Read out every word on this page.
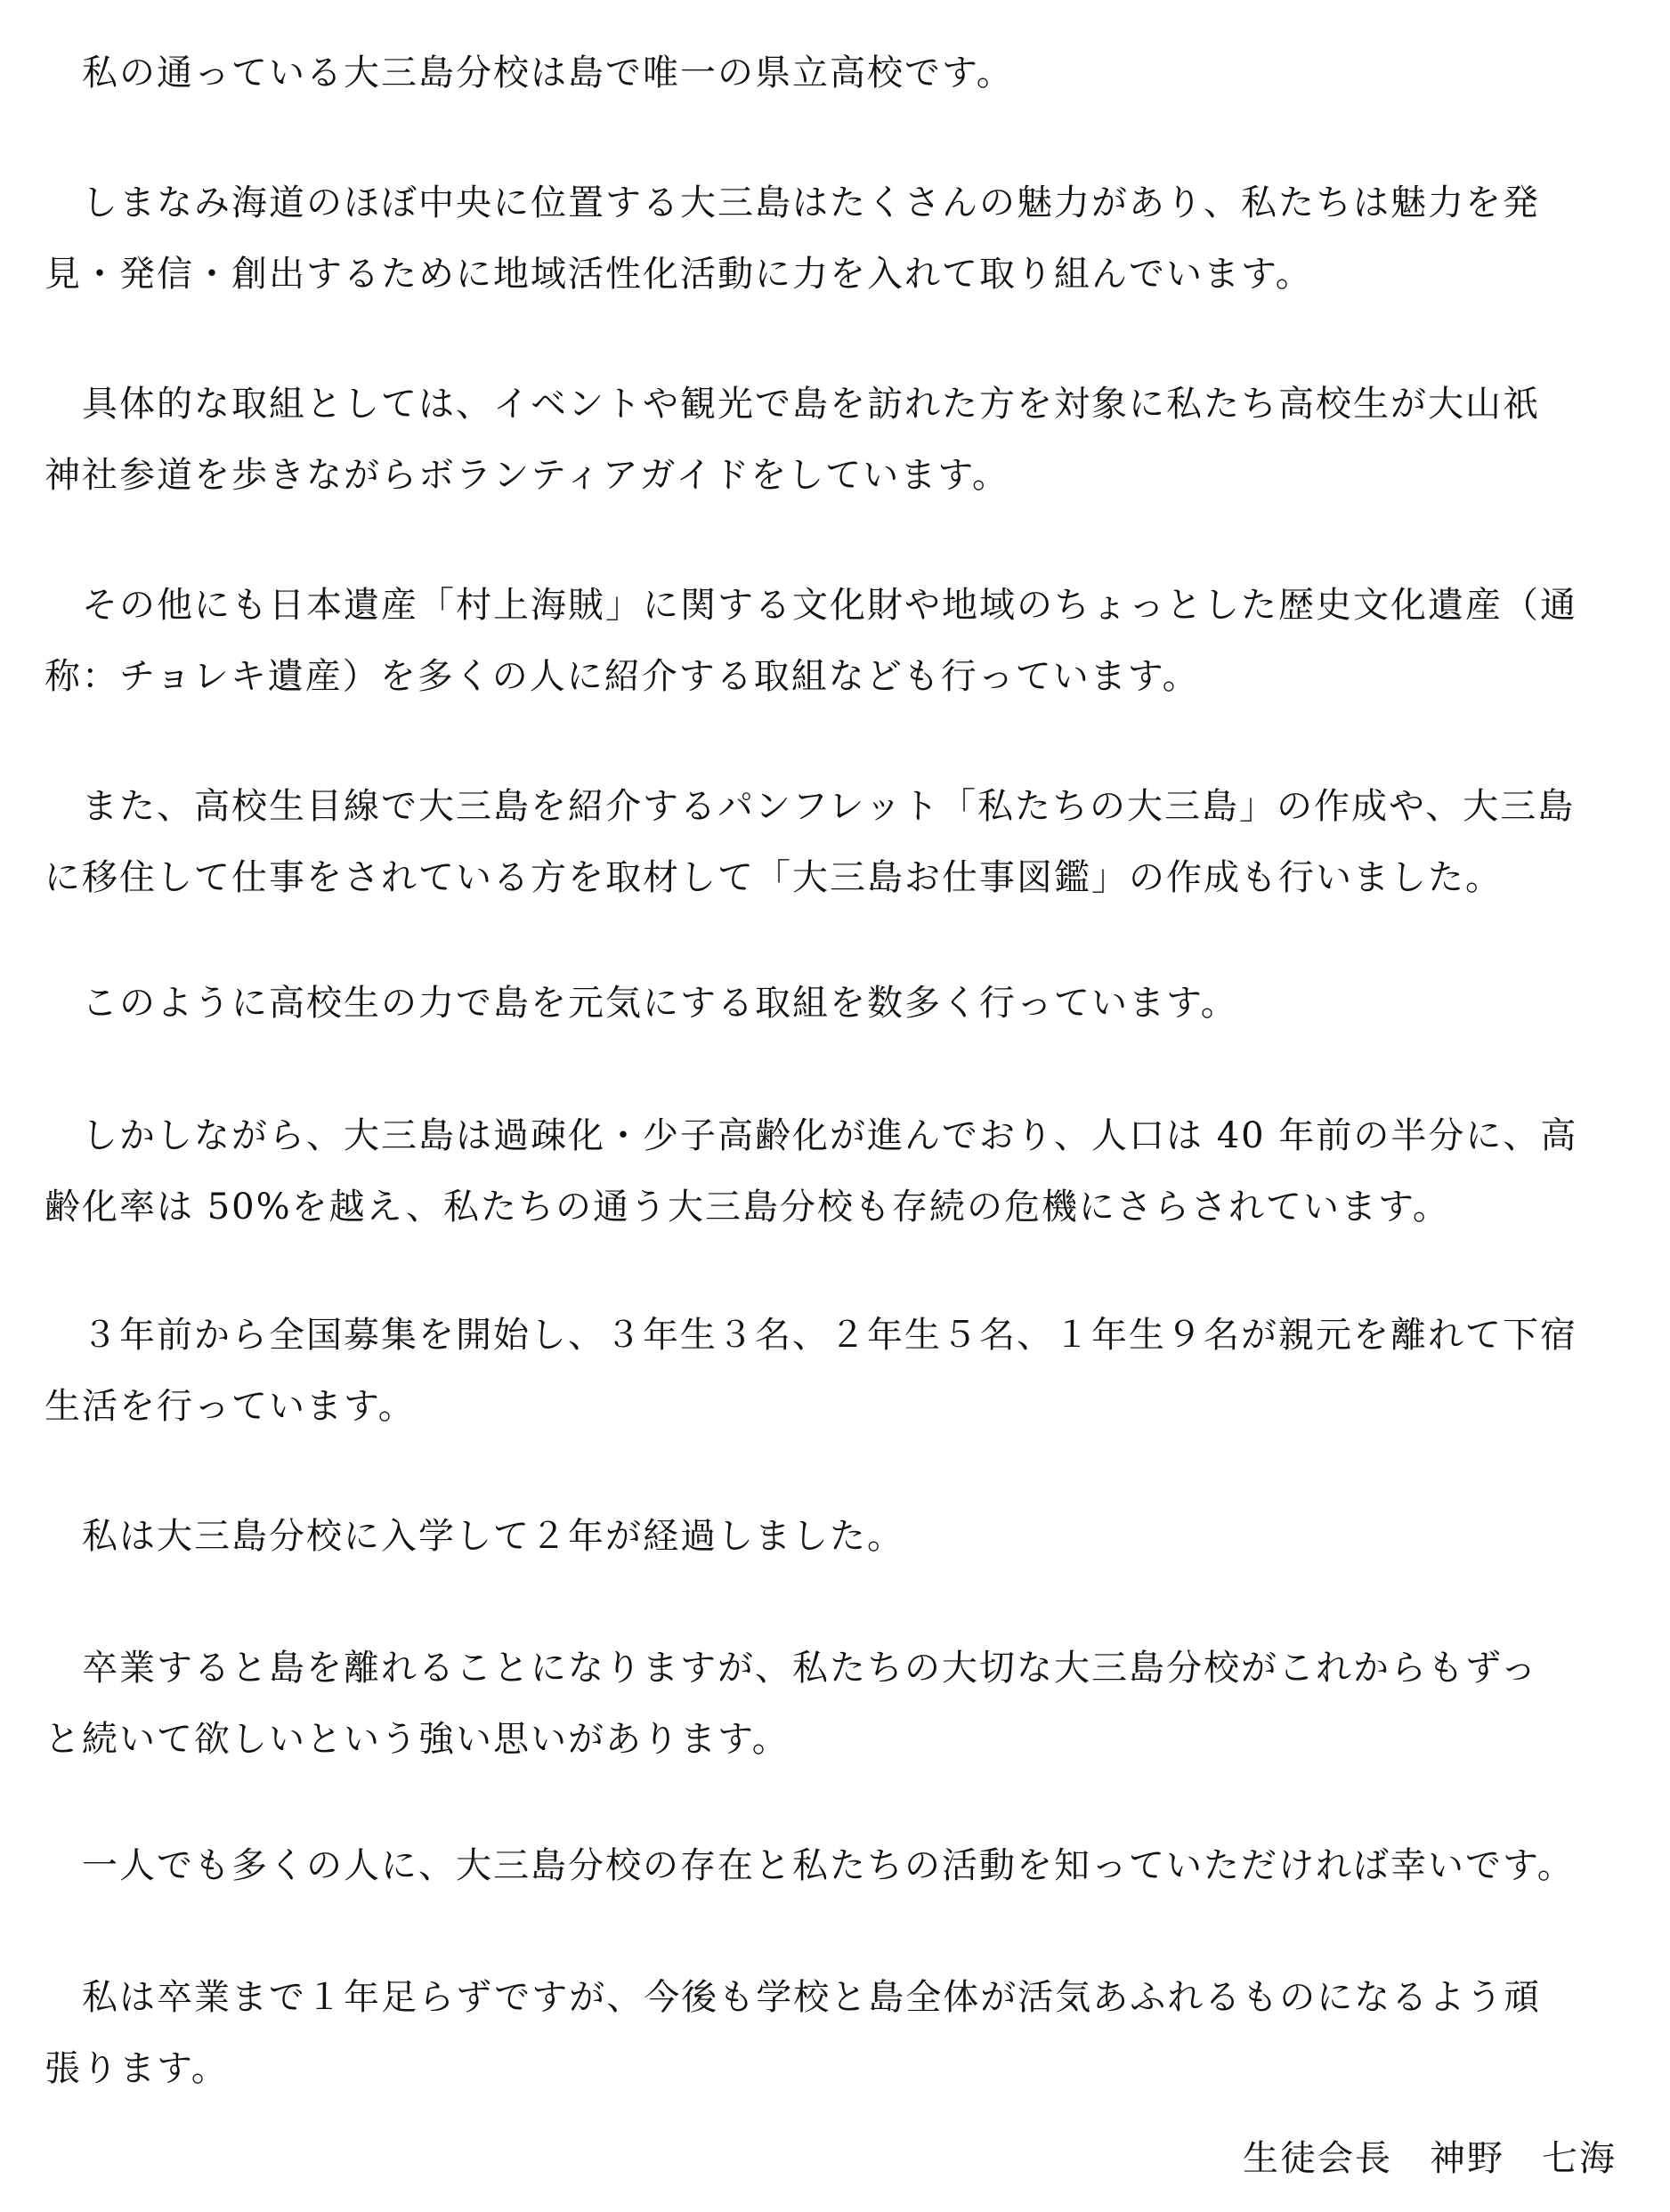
　私の通っている大三島分校は島で唯一の県立高校です。

　しまなみ海道のほぼ中央に位置する大三島はたくさんの魅力があり、私たちは魅力を発
見・発信・創出するために地域活性化活動に力を入れて取り組んでいます。

　具体的な取組としては、イベントや観光で島を訪れた方を対象に私たち高校生が大山祇
神社参道を歩きながらボランティアガイドをしています。

　その他にも日本遺産「村上海賊」に関する文化財や地域のちょっとした歴史文化遺産（通
称：チョレキ遺産）を多くの人に紹介する取組なども行っています。

　また、高校生目線で大三島を紹介するパンフレット「私たちの大三島」の作成や、大三島
に移住して仕事をされている方を取材して「大三島お仕事図鑑」の作成も行いました。

　このように高校生の力で島を元気にする取組を数多く行っています。

　しかしながら、大三島は過疎化・少子高齢化が進んでおり、人口は 40 年前の半分に、高
齢化率は 50%を越え、私たちの通う大三島分校も存続の危機にさらされています。

　３年前から全国募集を開始し、３年生３名、２年生５名、１年生９名が親元を離れて下宿
生活を行っています。

　私は大三島分校に入学して２年が経過しました。

　卒業すると島を離れることになりますが、私たちの大切な大三島分校がこれからもずっ
と続いて欲しいという強い思いがあります。

　一人でも多くの人に、大三島分校の存在と私たちの活動を知っていただければ幸いです。

　私は卒業まで１年足らずですが、今後も学校と島全体が活気あふれるものになるよう頑
張ります。

生徒会長　神野　七海
